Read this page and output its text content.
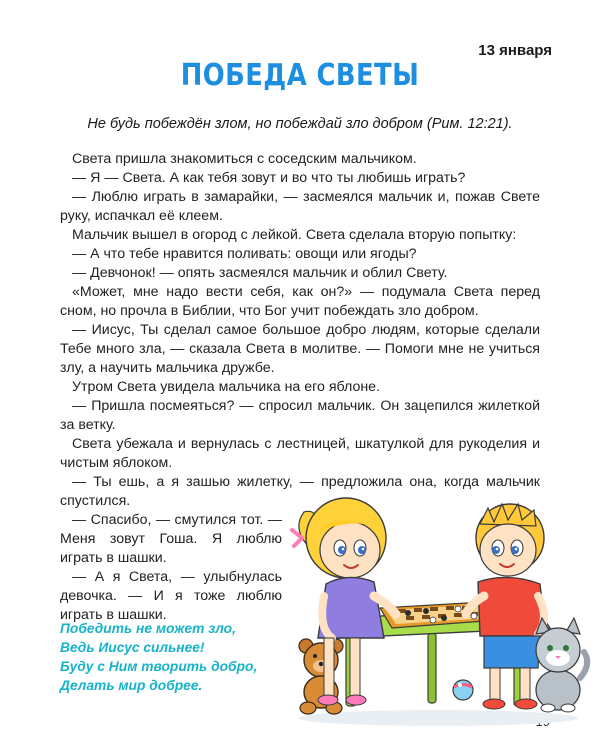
13 января
ПОБЕДА СВЕТЫ
Не будь побеждён злом, но побеждай зло добром (Рим. 12:21).

Света пришла знакомиться с соседским мальчиком.

— Я — Света. А как тебя зовут и во что ты любишь играть?

— Люблю играть в замарайки, — засмеялся мальчик и, пожав Свете руку, испачкал её клеем.

Мальчик вышел в огород с лейкой. Света сделала вторую попытку:

— А что тебе нравится поливать: овощи или ягоды?

— Девчонок! — опять засмеялся мальчик и облил Свету.

«Может, мне надо вести себя, как он?» — подумала Света перед сном, но прочла в Библии, что Бог учит побеждать зло добром.

— Иисус, Ты сделал самое большое добро людям, которые сделали Тебе много зла, — сказала Света в молитве. — Помоги мне не учиться злу, а научить мальчика дружбе.

Утром Света увидела мальчика на его яблоне.

— Пришла посмеяться? — спросил мальчик. Он зацепился жилеткой за ветку.

Света убежала и вернулась с лестницей, шкатулкой для рукоделия и чистым яблоком.

— Ты ешь, а я зашью жилетку, — предложила она, когда мальчик спустился.

— Спасибо, — смутился тот. — Меня зовут Гоша. Я люблю играть в шашки.

— А я Света, — улыбнулась девочка. — И я тоже люблю играть в шашки.

Победить не может зло,
Ведь Иисус сильнее!
Буду с Ним творить добро,
Делать мир добрее.
